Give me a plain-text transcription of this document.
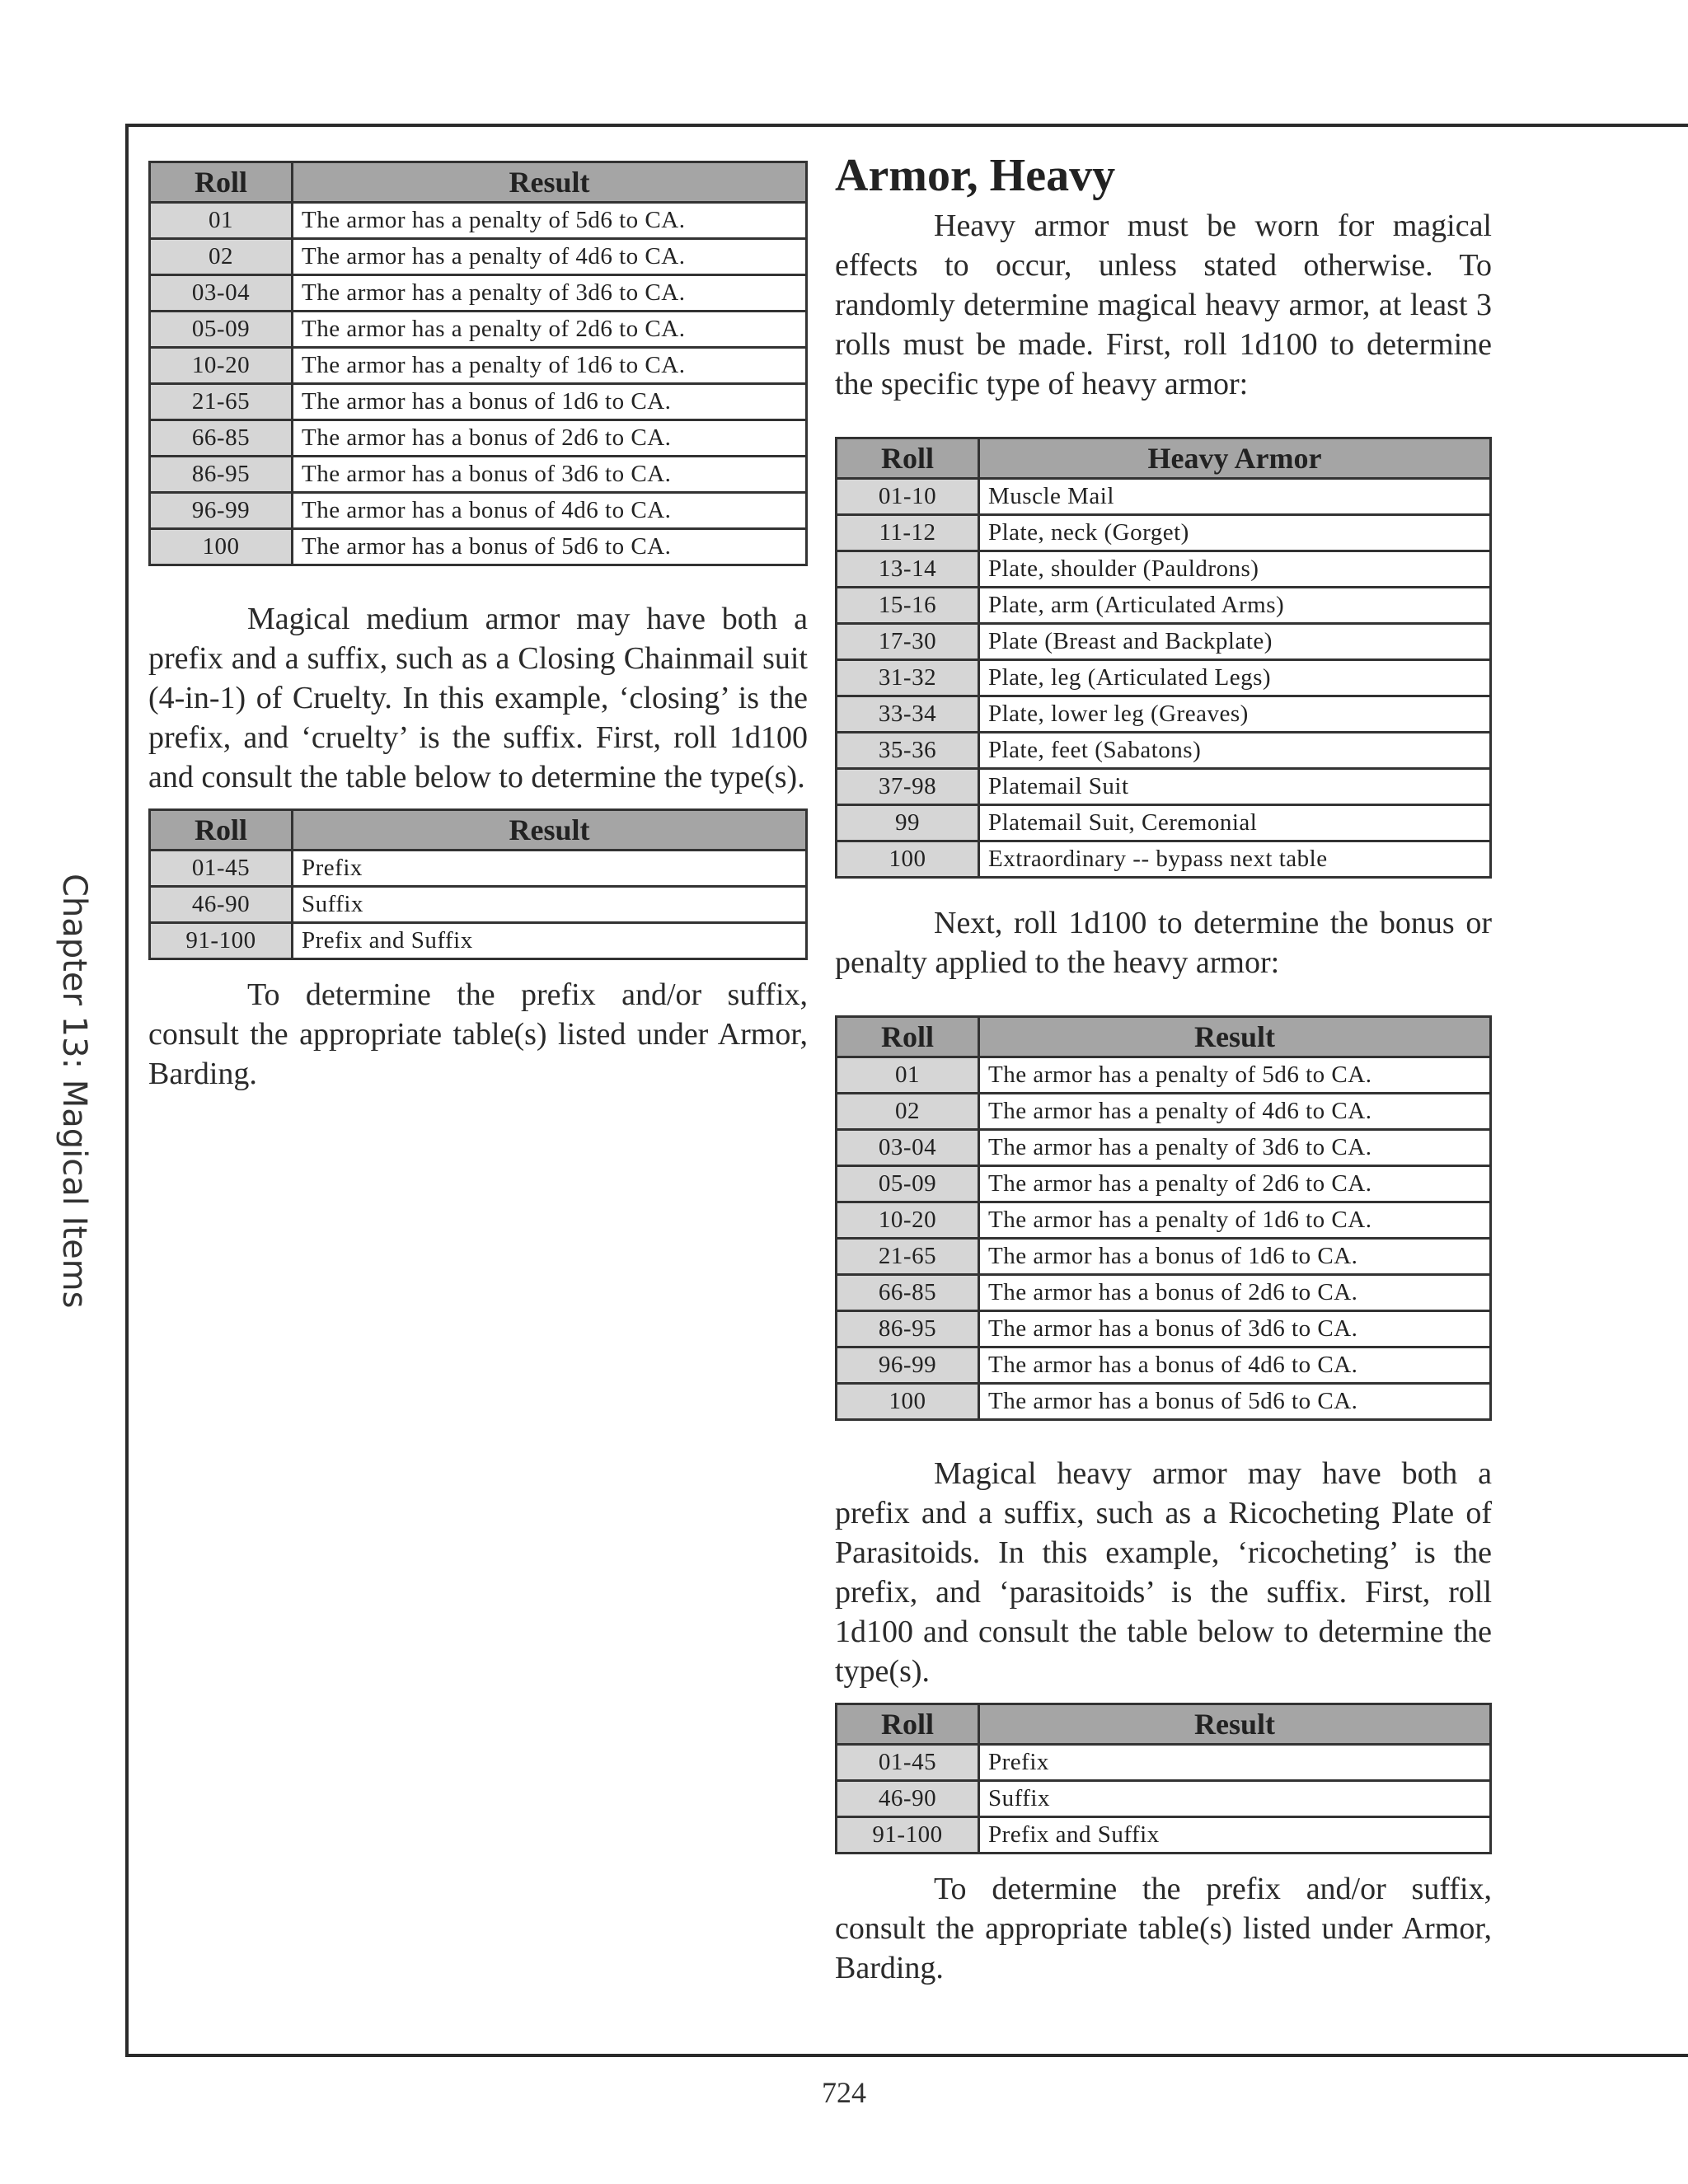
Chapter 13: Magical Items
Roll	Result
01	The armor has a penalty of 5d6 to CA.
02	The armor has a penalty of 4d6 to CA.
03-04	The armor has a penalty of 3d6 to CA.
05-09	The armor has a penalty of 2d6 to CA.
10-20	The armor has a penalty of 1d6 to CA.
21-65	The armor has a bonus of 1d6 to CA.
66-85	The armor has a bonus of 2d6 to CA.
86-95	The armor has a bonus of 3d6 to CA.
96-99	The armor has a bonus of 4d6 to CA.
100	The armor has a bonus of 5d6 to CA.

Magical medium armor may have both a prefix and a suffix, such as a Closing Chainmail suit (4-in-1) of Cruelty. In this example, ‘closing’ is the prefix, and ‘cruelty’ is the suffix. First, roll 1d100 and consult the table below to determine the type(s).

Roll	Result
01-45	Prefix
46-90	Suffix
91-100	Prefix and Suffix

To determine the prefix and/or suffix, consult the appropriate table(s) listed under Armor, Barding.

Armor, Heavy

Heavy armor must be worn for magical effects to occur, unless stated otherwise. To randomly determine magical heavy armor, at least 3 rolls must be made. First, roll 1d100 to determine the specific type of heavy armor:

Roll	Heavy Armor
01-10	Muscle Mail
11-12	Plate, neck (Gorget)
13-14	Plate, shoulder (Pauldrons)
15-16	Plate, arm (Articulated Arms)
17-30	Plate (Breast and Backplate)
31-32	Plate, leg (Articulated Legs)
33-34	Plate, lower leg (Greaves)
35-36	Plate, feet (Sabatons)
37-98	Platemail Suit
99	Platemail Suit, Ceremonial
100	Extraordinary -- bypass next table

Next, roll 1d100 to determine the bonus or penalty applied to the heavy armor:

Roll	Result
01	The armor has a penalty of 5d6 to CA.
02	The armor has a penalty of 4d6 to CA.
03-04	The armor has a penalty of 3d6 to CA.
05-09	The armor has a penalty of 2d6 to CA.
10-20	The armor has a penalty of 1d6 to CA.
21-65	The armor has a bonus of 1d6 to CA.
66-85	The armor has a bonus of 2d6 to CA.
86-95	The armor has a bonus of 3d6 to CA.
96-99	The armor has a bonus of 4d6 to CA.
100	The armor has a bonus of 5d6 to CA.

Magical heavy armor may have both a prefix and a suffix, such as a Ricocheting Plate of Parasitoids. In this example, ‘ricocheting’ is the prefix, and ‘parasitoids’ is the suffix. First, roll 1d100 and consult the table below to determine the type(s).

Roll	Result
01-45	Prefix
46-90	Suffix
91-100	Prefix and Suffix

To determine the prefix and/or suffix, consult the appropriate table(s) listed under Armor, Barding.

724
